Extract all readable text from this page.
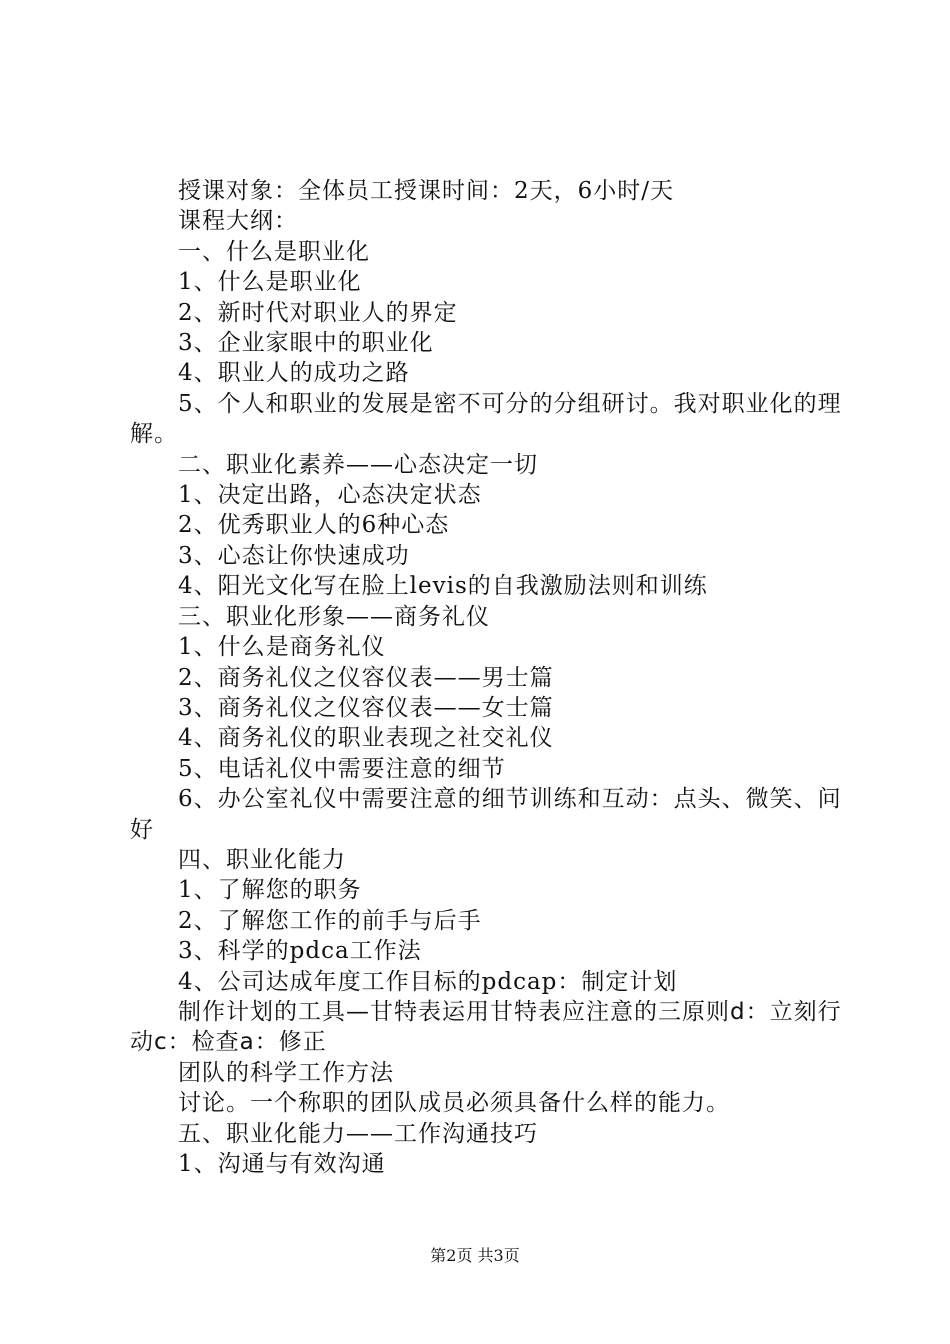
授课对象：全体员工授课时间：2天，6小时/天

课程大纲：

一、什么是职业化

1、什么是职业化

2、新时代对职业人的界定

3、企业家眼中的职业化

4、职业人的成功之路

5、个人和职业的发展是密不可分的分组研讨。我对职业化的理解。

二、职业化素养——心态决定一切

1、决定出路，心态决定状态

2、优秀职业人的6种心态

3、心态让你快速成功

4、阳光文化写在脸上levis的自我激励法则和训练

三、职业化形象——商务礼仪

1、什么是商务礼仪

2、商务礼仪之仪容仪表——男士篇

3、商务礼仪之仪容仪表——女士篇

4、商务礼仪的职业表现之社交礼仪

5、电话礼仪中需要注意的细节

6、办公室礼仪中需要注意的细节训练和互动：点头、微笑、问好

四、职业化能力

1、了解您的职务

2、了解您工作的前手与后手

3、科学的pdca工作法

4、公司达成年度工作目标的pdcap：制定计划

制作计划的工具—甘特表运用甘特表应注意的三原则d：立刻行动c：检查a：修正

团队的科学工作方法

讨论。一个称职的团队成员必须具备什么样的能力。

五、职业化能力——工作沟通技巧

1、沟通与有效沟通

第2页 共3页
